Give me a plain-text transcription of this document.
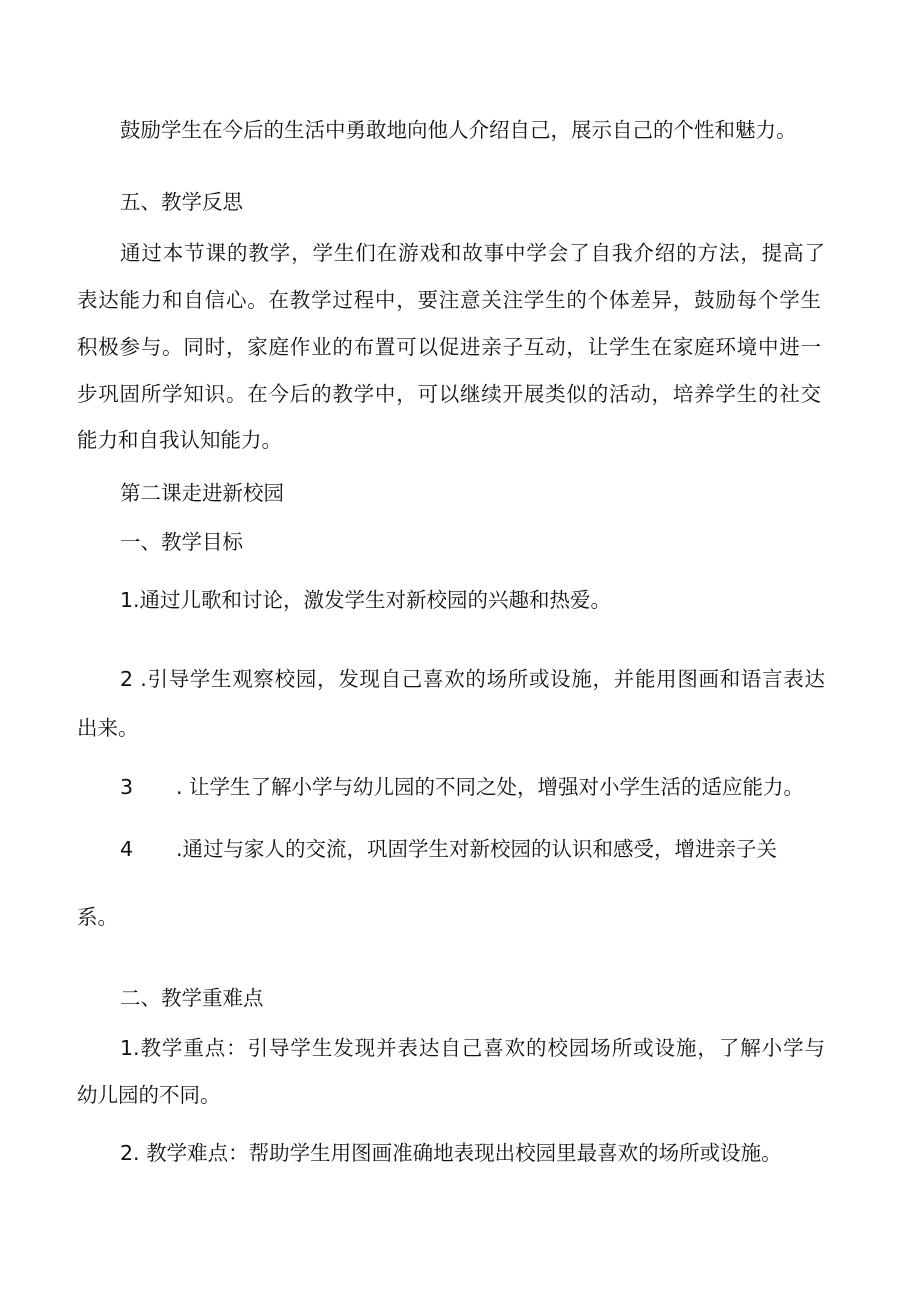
鼓励学生在今后的生活中勇敢地向他人介绍自己，展示自己的个性和魅力。

五、教学反思

通过本节课的教学，学生们在游戏和故事中学会了自我介绍的方法，提高了

表达能力和自信心。在教学过程中，要注意关注学生的个体差异，鼓励每个学生

积极参与。同时，家庭作业的布置可以促进亲子互动，让学生在家庭环境中进一

步巩固所学知识。在今后的教学中，可以继续开展类似的活动，培养学生的社交

能力和自我认知能力。

第二课走进新校园

一、教学目标

1.通过儿歌和讨论，激发学生对新校园的兴趣和热爱。

2 .引导学生观察校园，发现自己喜欢的场所或设施，并能用图画和语言表达

出来。

3 . 让学生了解小学与幼儿园的不同之处，增强对小学生活的适应能力。

4 .通过与家人的交流，巩固学生对新校园的认识和感受，增进亲子关

系。

二、教学重难点

1.教学重点：引导学生发现并表达自己喜欢的校园场所或设施，了解小学与

幼儿园的不同。

2. 教学难点：帮助学生用图画准确地表现出校园里最喜欢的场所或设施。
